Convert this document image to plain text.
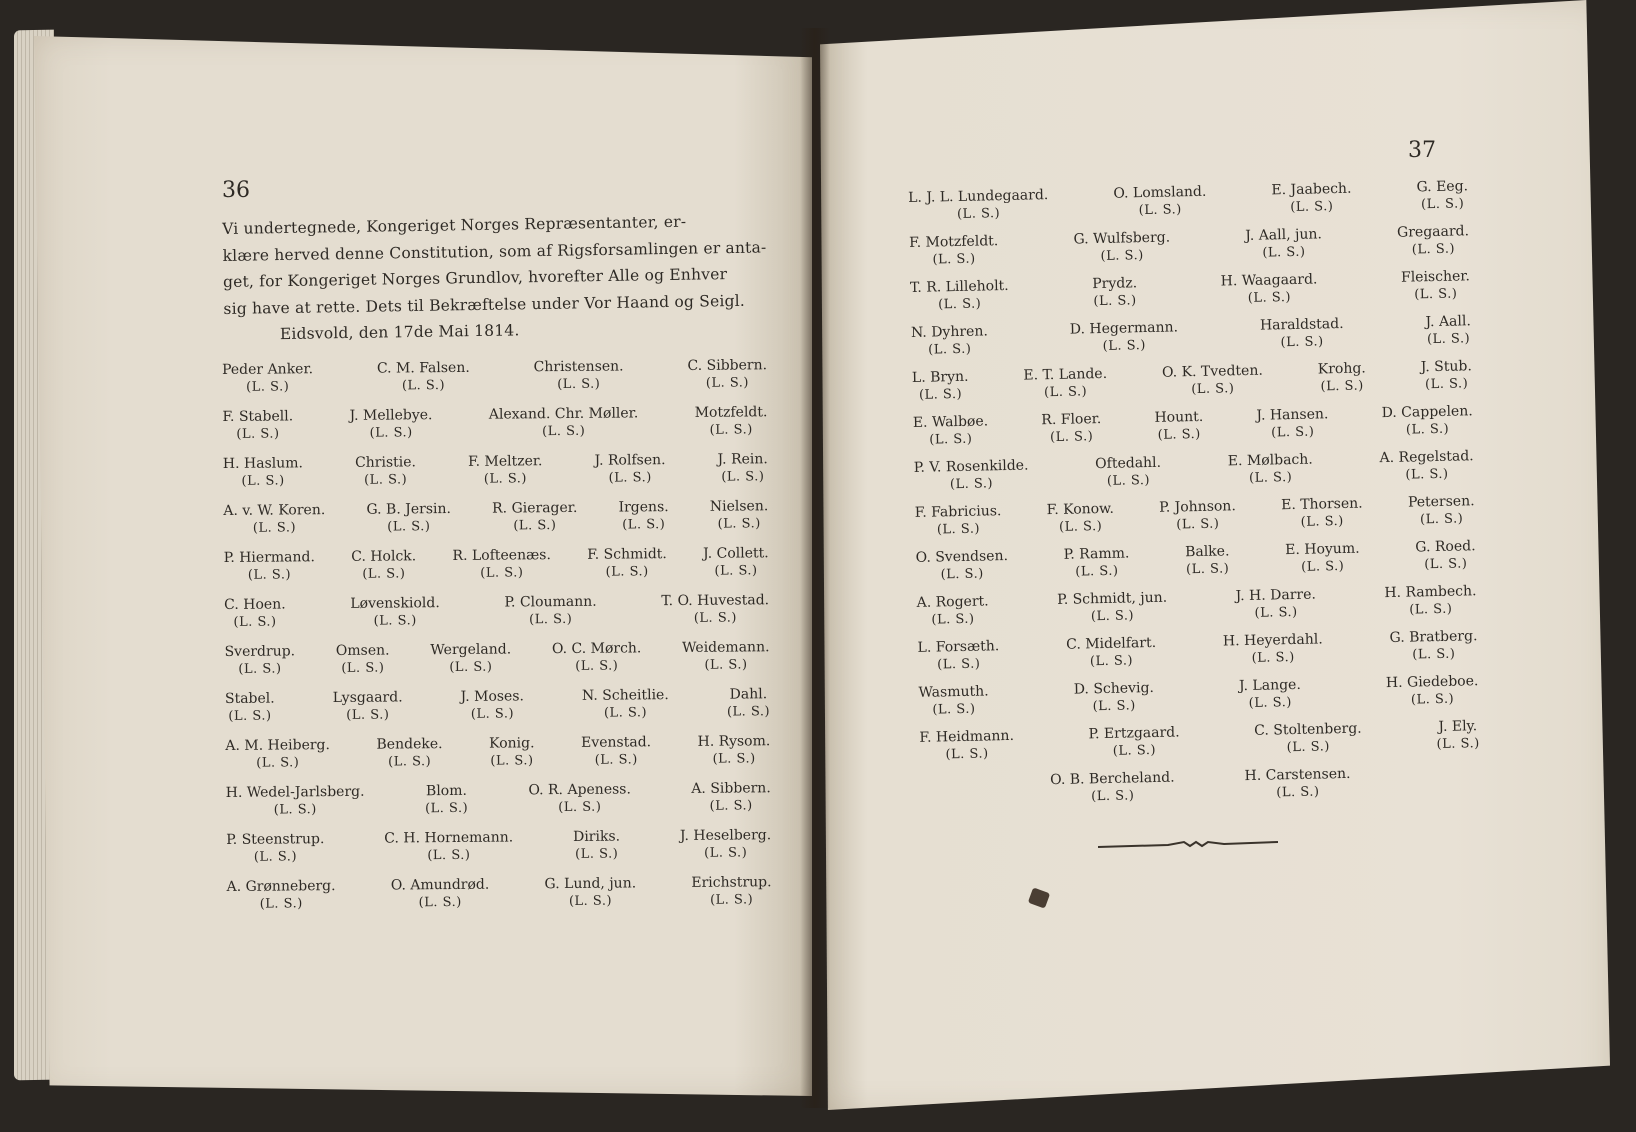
36
37
Vi undertegnede, Kongeriget Norges Repræsentanter, er-
klære herved denne Constitution, som af Rigsforsamlingen er anta-
get, for Kongeriget Norges Grundlov, hvorefter Alle og Enhver
sig have at rette. Dets til Bekræftelse under Vor Haand og Seigl.
Eidsvold, den 17de Mai 1814.
Peder Anker.
(L. S.)
C. M. Falsen.
(L. S.)
Christensen.
(L. S.)
C. Sibbern.
(L. S.)
F. Stabell.
(L. S.)
J. Mellebye.
(L. S.)
Alexand. Chr. Møller.
(L. S.)
Motzfeldt.
(L. S.)
H. Haslum.
(L. S.)
Christie.
(L. S.)
F. Meltzer.
(L. S.)
J. Rolfsen.
(L. S.)
J. Rein.
(L. S.)
A. v. W. Koren.
(L. S.)
G. B. Jersin.
(L. S.)
R. Gierager.
(L. S.)
Irgens.
(L. S.)
Nielsen.
(L. S.)
P. Hiermand.
(L. S.)
C. Holck.
(L. S.)
R. Lofteenæs.
(L. S.)
F. Schmidt.
(L. S.)
J. Collett.
(L. S.)
C. Hoen.
(L. S.)
Løvenskiold.
(L. S.)
P. Cloumann.
(L. S.)
T. O. Huvestad.
(L. S.)
Sverdrup.
(L. S.)
Omsen.
(L. S.)
Wergeland.
(L. S.)
O. C. Mørch.
(L. S.)
Weidemann.
(L. S.)
Stabel.
(L. S.)
Lysgaard.
(L. S.)
J. Moses.
(L. S.)
N. Scheitlie.
(L. S.)
Dahl.
(L. S.)
A. M. Heiberg.
(L. S.)
Bendeke.
(L. S.)
Konig.
(L. S.)
Evenstad.
(L. S.)
H. Rysom.
(L. S.)
H. Wedel-Jarlsberg.
(L. S.)
Blom.
(L. S.)
O. R. Apeness.
(L. S.)
A. Sibbern.
(L. S.)
P. Steenstrup.
(L. S.)
C. H. Hornemann.
(L. S.)
Diriks.
(L. S.)
J. Heselberg.
(L. S.)
A. Grønneberg.
(L. S.)
O. Amundrød.
(L. S.)
G. Lund, jun.
(L. S.)
Erichstrup.
(L. S.)
L. J. L. Lundegaard.
(L. S.)
O. Lomsland.
(L. S.)
E. Jaabech.
(L. S.)
G. Eeg.
(L. S.)
F. Motzfeldt.
(L. S.)
G. Wulfsberg.
(L. S.)
J. Aall, jun.
(L. S.)
Gregaard.
(L. S.)
T. R. Lilleholt.
(L. S.)
Prydz.
(L. S.)
H. Waagaard.
(L. S.)
Fleischer.
(L. S.)
N. Dyhren.
(L. S.)
D. Hegermann.
(L. S.)
Haraldstad.
(L. S.)
J. Aall.
(L. S.)
L. Bryn.
(L. S.)
E. T. Lande.
(L. S.)
O. K. Tvedten.
(L. S.)
Krohg.
(L. S.)
J. Stub.
(L. S.)
E. Walbøe.
(L. S.)
R. Floer.
(L. S.)
Hount.
(L. S.)
J. Hansen.
(L. S.)
D. Cappelen.
(L. S.)
P. V. Rosenkilde.
(L. S.)
Oftedahl.
(L. S.)
E. Mølbach.
(L. S.)
A. Regelstad.
(L. S.)
F. Fabricius.
(L. S.)
F. Konow.
(L. S.)
P. Johnson.
(L. S.)
E. Thorsen.
(L. S.)
Petersen.
(L. S.)
O. Svendsen.
(L. S.)
P. Ramm.
(L. S.)
Balke.
(L. S.)
E. Hoyum.
(L. S.)
G. Roed.
(L. S.)
A. Rogert.
(L. S.)
P. Schmidt, jun.
(L. S.)
J. H. Darre.
(L. S.)
H. Rambech.
(L. S.)
L. Forsæth.
(L. S.)
C. Midelfart.
(L. S.)
H. Heyerdahl.
(L. S.)
G. Bratberg.
(L. S.)
Wasmuth.
(L. S.)
D. Schevig.
(L. S.)
J. Lange.
(L. S.)
H. Giedeboe.
(L. S.)
F. Heidmann.
(L. S.)
P. Ertzgaard.
(L. S.)
C. Stoltenberg.
(L. S.)
J. Ely.
(L. S.)
O. B. Bercheland.
(L. S.)
H. Carstensen.
(L. S.)
